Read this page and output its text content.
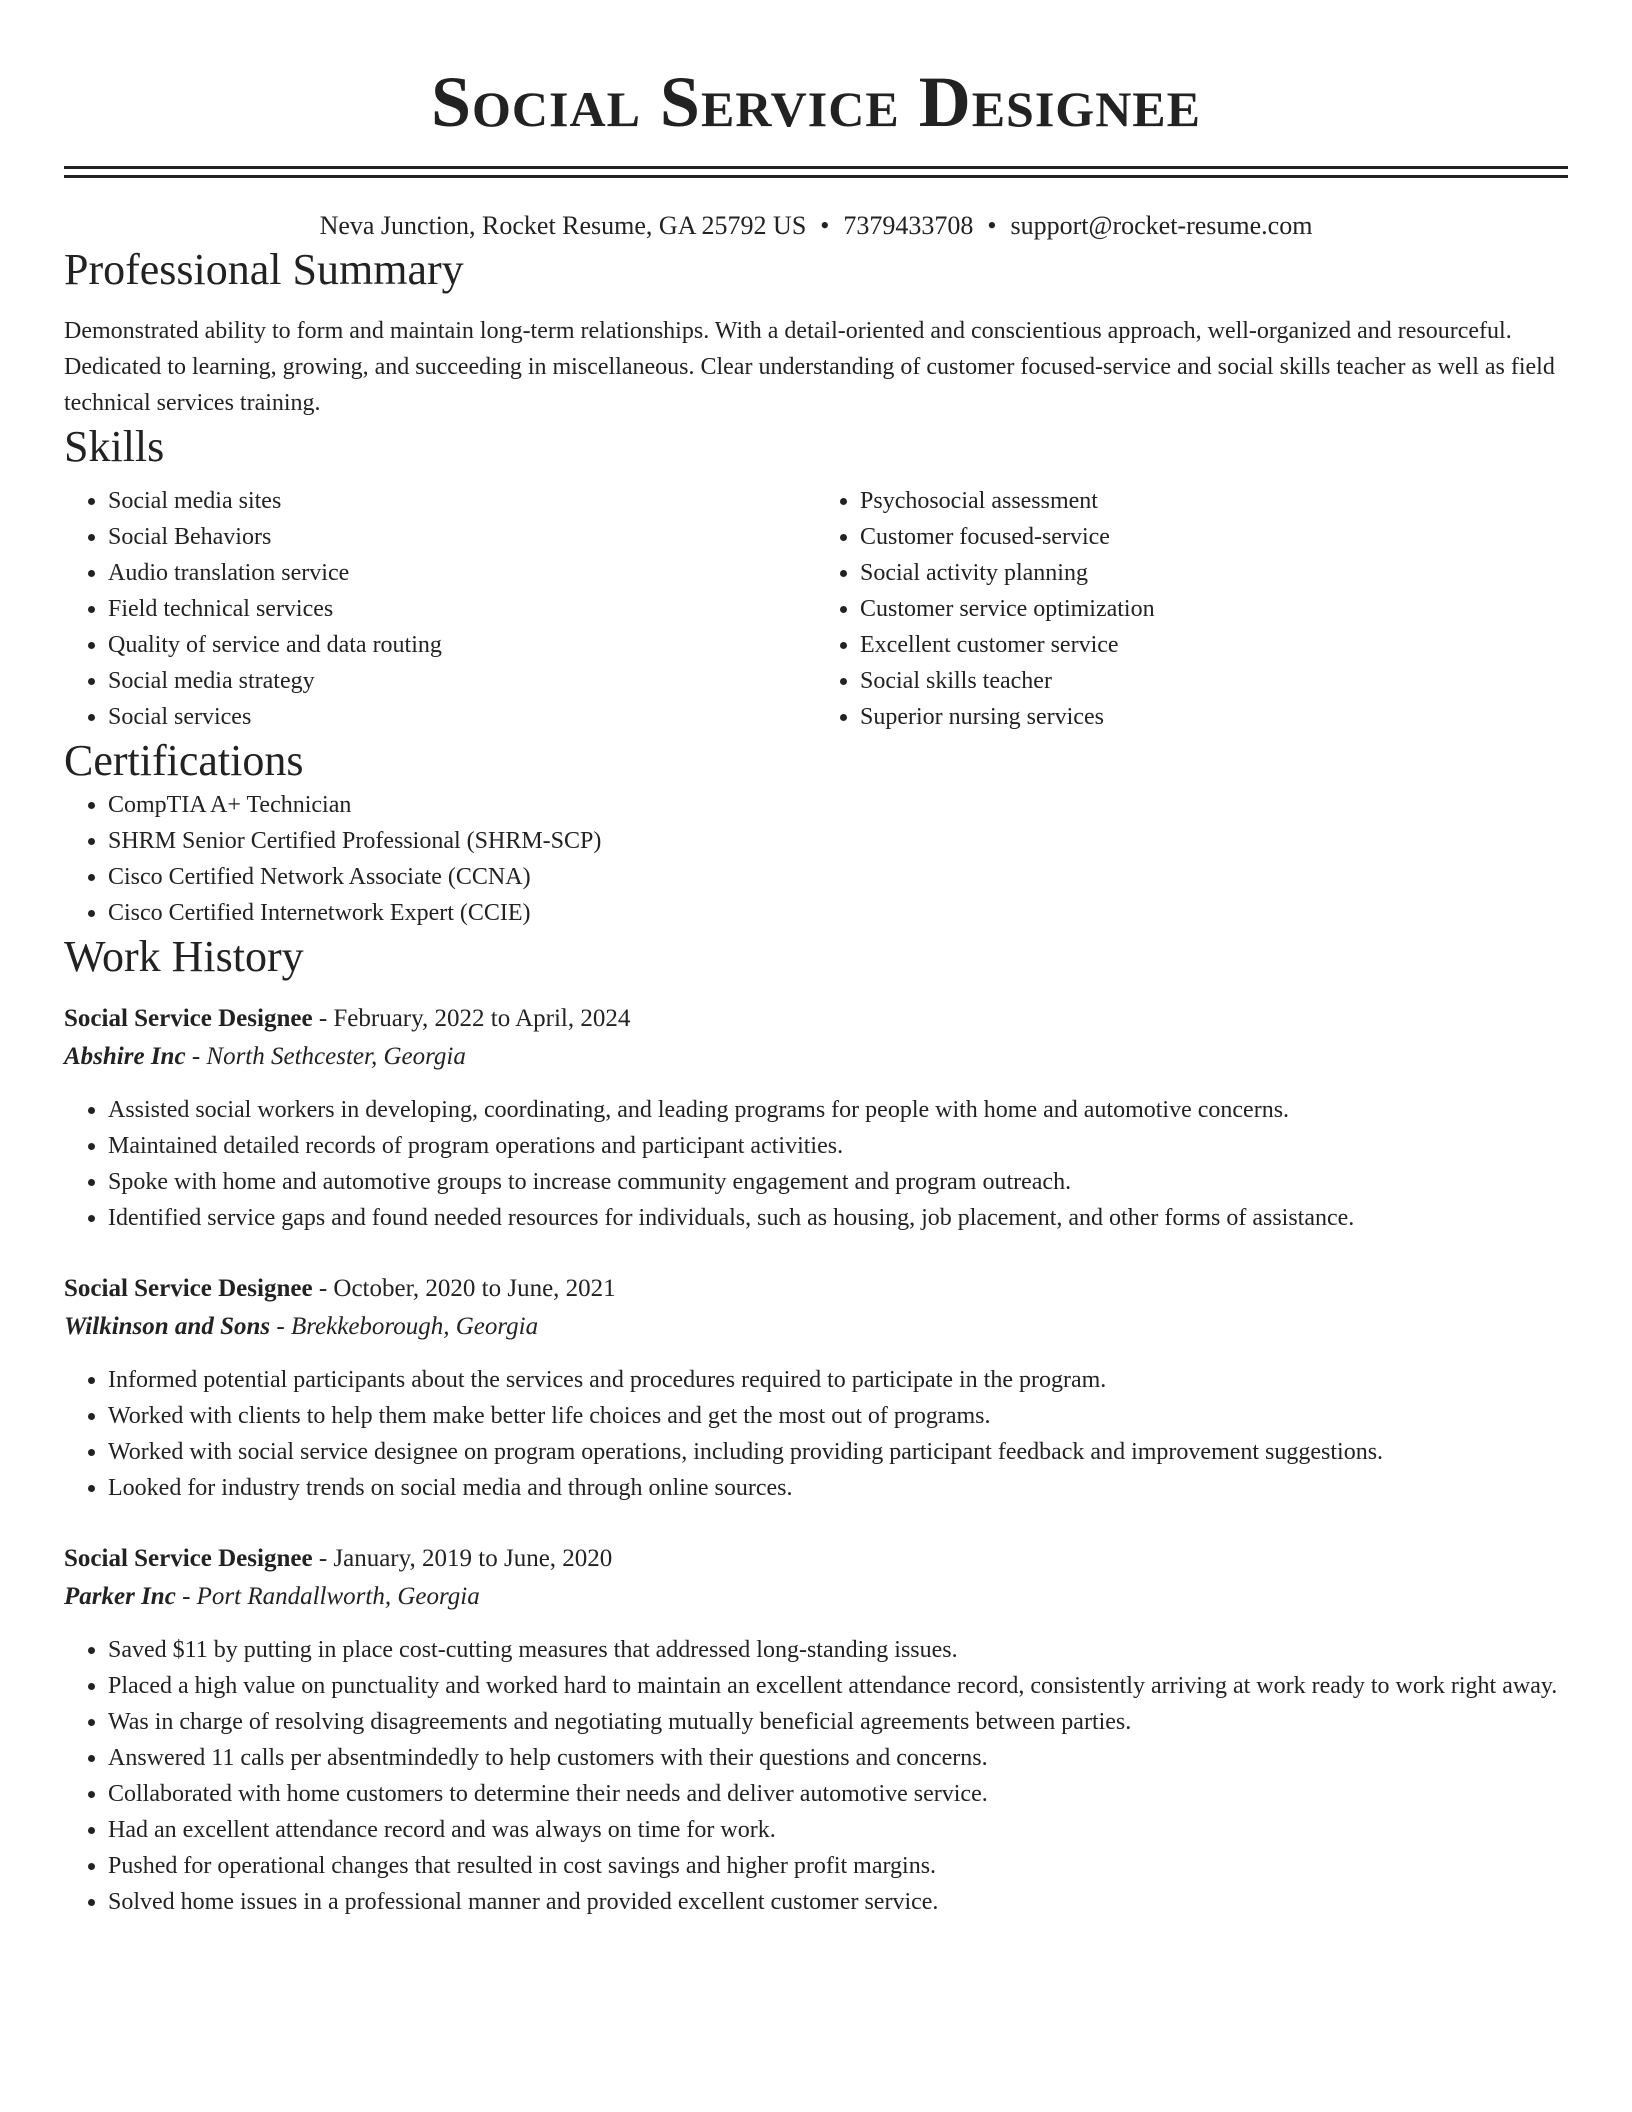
Social Service Designee
Neva Junction, Rocket Resume, GA 25792 US • 7379433708 • support@rocket-resume.com
Professional Summary

Demonstrated ability to form and maintain long-term relationships. With a detail-oriented and conscientious approach, well-organized and resourceful. Dedicated to learning, growing, and succeeding in miscellaneous. Clear understanding of customer focused-service and social skills teacher as well as field technical services training.

Skills
• Social media sites
• Social Behaviors
• Audio translation service
• Field technical services
• Quality of service and data routing
• Social media strategy
• Social services
• Psychosocial assessment
• Customer focused-service
• Social activity planning
• Customer service optimization
• Excellent customer service
• Social skills teacher
• Superior nursing services
Certifications
• CompTIA A+ Technician
• SHRM Senior Certified Professional (SHRM-SCP)
• Cisco Certified Network Associate (CCNA)
• Cisco Certified Internetwork Expert (CCIE)
Work History
Social Service Designee - February, 2022 to April, 2024
Abshire Inc - North Sethcester, Georgia
• Assisted social workers in developing, coordinating, and leading programs for people with home and automotive concerns.
• Maintained detailed records of program operations and participant activities.
• Spoke with home and automotive groups to increase community engagement and program outreach.
• Identified service gaps and found needed resources for individuals, such as housing, job placement, and other forms of assistance.
Social Service Designee - October, 2020 to June, 2021
Wilkinson and Sons - Brekkeborough, Georgia
• Informed potential participants about the services and procedures required to participate in the program.
• Worked with clients to help them make better life choices and get the most out of programs.
• Worked with social service designee on program operations, including providing participant feedback and improvement suggestions.
• Looked for industry trends on social media and through online sources.
Social Service Designee - January, 2019 to June, 2020
Parker Inc - Port Randallworth, Georgia
• Saved $11 by putting in place cost-cutting measures that addressed long-standing issues.
• Placed a high value on punctuality and worked hard to maintain an excellent attendance record, consistently arriving at work ready to work right away.
• Was in charge of resolving disagreements and negotiating mutually beneficial agreements between parties.
• Answered 11 calls per absentmindedly to help customers with their questions and concerns.
• Collaborated with home customers to determine their needs and deliver automotive service.
• Had an excellent attendance record and was always on time for work.
• Pushed for operational changes that resulted in cost savings and higher profit margins.
• Solved home issues in a professional manner and provided excellent customer service.
